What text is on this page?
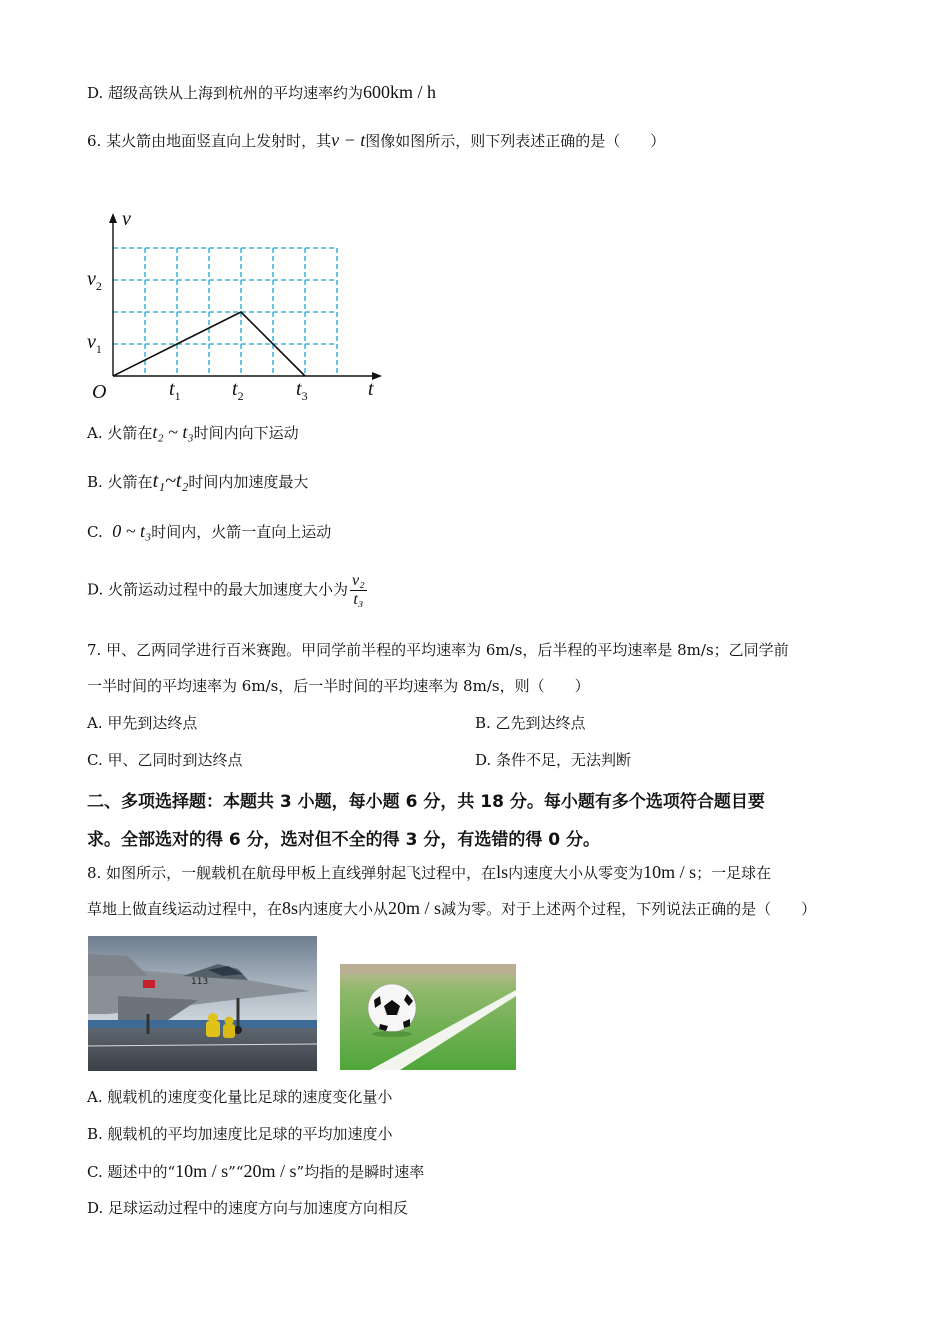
D. 超级高铁从上海到杭州的平均速率约为600km / h
6. 某火箭由地面竖直向上发射时，其v − t图像如图所示，则下列表述正确的是（　　）
v
t
O
$v_2$
$v_1$
$t_1$	$t_2$	$t_3$
A. 火箭在t₂ ~ t₃时间内向下运动
B. 火箭在t₁~t₂时间内加速度最大
C. 0 ~ t₃时间内，火箭一直向上运动
D. 火箭运动过程中的最大加速度大小为 $\frac{\text{v₂}}{\text{t₃}}$
7. 甲、乙两同学进行百米赛跑。甲同学前半程的平均速率为 6m/s，后半程的平均速率是 8m/s；乙同学前
一半时间的平均速率为 6m/s，后一半时间的平均速率为 8m/s，则（　　）
A. 甲先到达终点	B. 乙先到达终点
C. 甲、乙同时到达终点	D. 条件不足，无法判断
二、多项选择题：本题共 3 小题，每小题 6 分，共 18 分。每小题有多个选项符合题目要
求。全部选对的得 6 分，选对但不全的得 3 分，有选错的得 0 分。
8. 如图所示，一舰载机在航母甲板上直线弹射起飞过程中，在ls内速度大小从零变为10m / s；一足球在
草地上做直线运动过程中，在8s内速度大小从20m / s减为零。对于上述两个过程，下列说法正确的是（　　）
113
A. 舰载机的速度变化量比足球的速度变化量小
B. 舰载机的平均加速度比足球的平均加速度小
C. 题述中的“10m / s”“20m / s”均指的是瞬时速率
D. 足球运动过程中的速度方向与加速度方向相反
